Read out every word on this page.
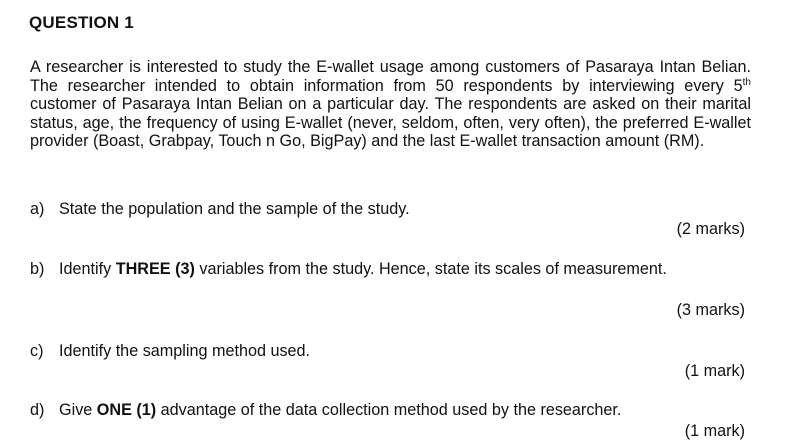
QUESTION 1
A researcher is interested to study the E-wallet usage among customers of Pasaraya Intan Belian. The researcher intended to obtain information from 50 respondents by interviewing every 5th customer of Pasaraya Intan Belian on a particular day. The respondents are asked on their marital status, age, the frequency of using E-wallet (never, seldom, often, very often), the preferred E-wallet provider (Boast, Grabpay, Touch n Go, BigPay) and the last E-wallet transaction amount (RM).
a) State the population and the sample of the study.
(2 marks)
b) Identify THREE (3) variables from the study. Hence, state its scales of measurement.
(3 marks)
c) Identify the sampling method used.
(1 mark)
d) Give ONE (1) advantage of the data collection method used by the researcher.
(1 mark)
